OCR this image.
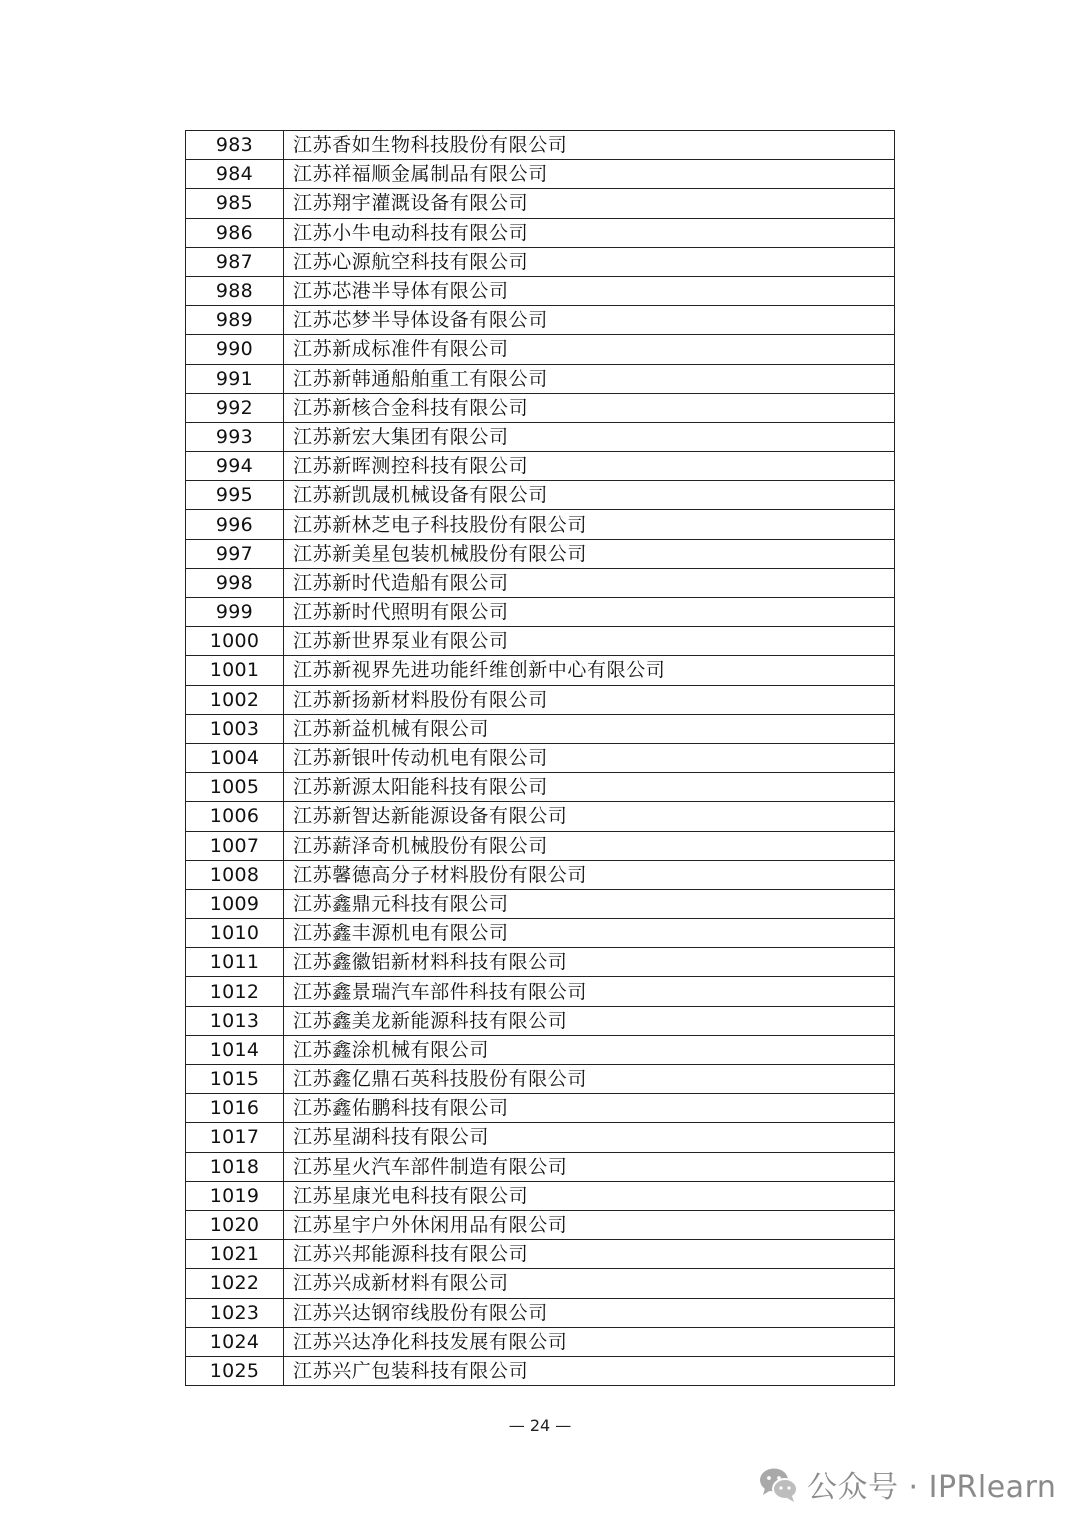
983	江苏香如生物科技股份有限公司
984	江苏祥福顺金属制品有限公司
985	江苏翔宇灌溉设备有限公司
986	江苏小牛电动科技有限公司
987	江苏心源航空科技有限公司
988	江苏芯港半导体有限公司
989	江苏芯梦半导体设备有限公司
990	江苏新成标准件有限公司
991	江苏新韩通船舶重工有限公司
992	江苏新核合金科技有限公司
993	江苏新宏大集团有限公司
994	江苏新晖测控科技有限公司
995	江苏新凯晟机械设备有限公司
996	江苏新林芝电子科技股份有限公司
997	江苏新美星包装机械股份有限公司
998	江苏新时代造船有限公司
999	江苏新时代照明有限公司
1000	江苏新世界泵业有限公司
1001	江苏新视界先进功能纤维创新中心有限公司
1002	江苏新扬新材料股份有限公司
1003	江苏新益机械有限公司
1004	江苏新银叶传动机电有限公司
1005	江苏新源太阳能科技有限公司
1006	江苏新智达新能源设备有限公司
1007	江苏薪泽奇机械股份有限公司
1008	江苏馨德高分子材料股份有限公司
1009	江苏鑫鼎元科技有限公司
1010	江苏鑫丰源机电有限公司
1011	江苏鑫徽铝新材料科技有限公司
1012	江苏鑫景瑞汽车部件科技有限公司
1013	江苏鑫美龙新能源科技有限公司
1014	江苏鑫涂机械有限公司
1015	江苏鑫亿鼎石英科技股份有限公司
1016	江苏鑫佑鹏科技有限公司
1017	江苏星湖科技有限公司
1018	江苏星火汽车部件制造有限公司
1019	江苏星康光电科技有限公司
1020	江苏星宇户外休闲用品有限公司
1021	江苏兴邦能源科技有限公司
1022	江苏兴成新材料有限公司
1023	江苏兴达钢帘线股份有限公司
1024	江苏兴达净化科技发展有限公司
1025	江苏兴广包装科技有限公司
— 24 —
公众号 · IPRlearn
